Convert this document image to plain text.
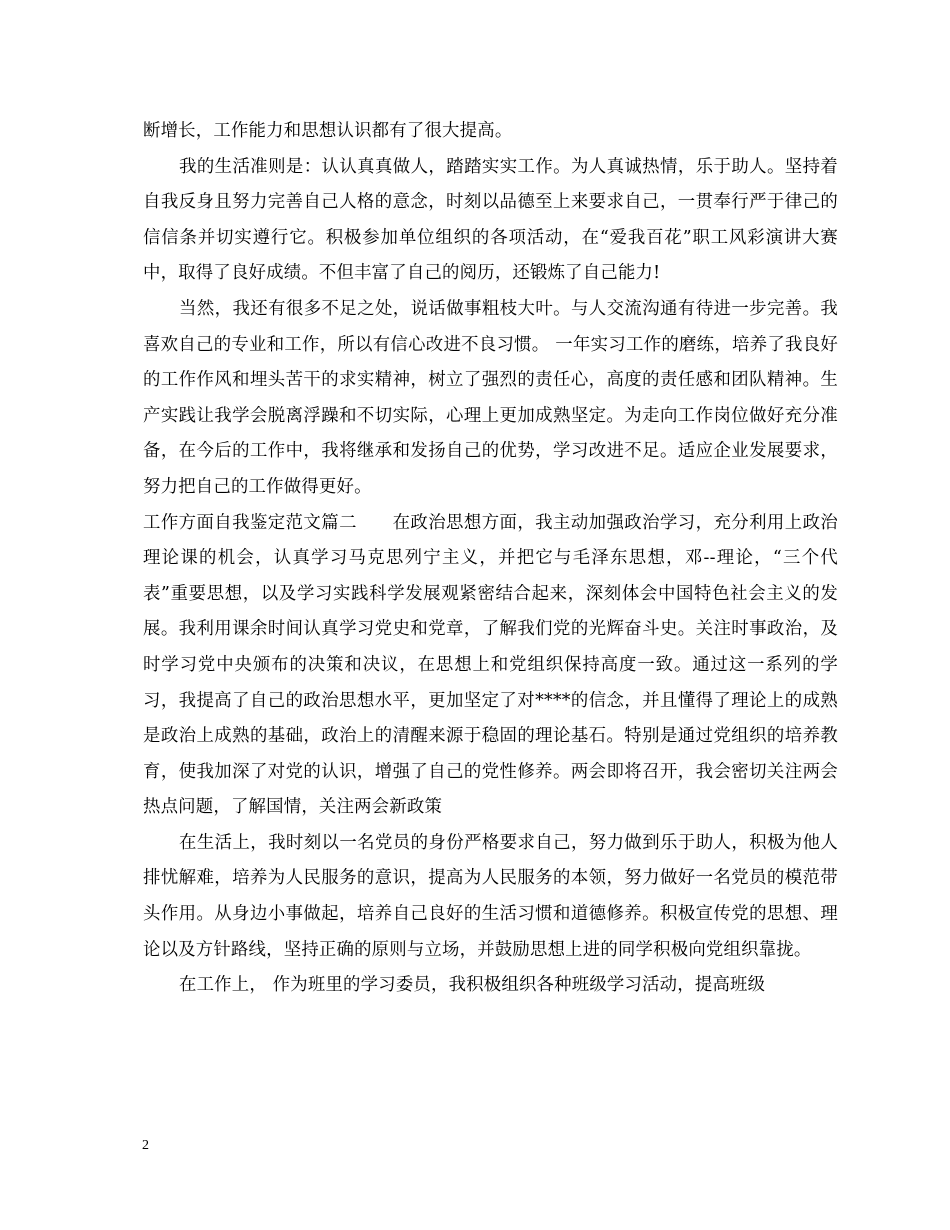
断增长，工作能力和思想认识都有了很大提高。

我的生活准则是：认认真真做人，踏踏实实工作。为人真诚热情，乐于助人。坚持着自我反身且努力完善自己人格的意念，时刻以品德至上来要求自己，一贯奉行严于律己的信信条并切实遵行它。积极参加单位组织的各项活动，在“爱我百花”职工风彩演讲大赛中，取得了良好成绩。不但丰富了自己的阅历，还锻炼了自己能力!

当然，我还有很多不足之处，说话做事粗枝大叶。与人交流沟通有待进一步完善。我喜欢自己的专业和工作，所以有信心改进不良习惯。 一年实习工作的磨练，培养了我良好的工作作风和埋头苦干的求实精神，树立了强烈的责任心，高度的责任感和团队精神。生产实践让我学会脱离浮躁和不切实际，心理上更加成熟坚定。为走向工作岗位做好充分准备，在今后的工作中，我将继承和发扬自己的优势，学习改进不足。适应企业发展要求，努力把自己的工作做得更好。

工作方面自我鉴定范文篇二　　在政治思想方面，我主动加强政治学习，充分利用上政治理论课的机会，认真学习马克思列宁主义，并把它与毛泽东思想，邓--理论，“三个代表”重要思想，以及学习实践科学发展观紧密结合起来，深刻体会中国特色社会主义的发展。我利用课余时间认真学习党史和党章，了解我们党的光辉奋斗史。关注时事政治，及时学习党中央颁布的决策和决议，在思想上和党组织保持高度一致。通过这一系列的学习，我提高了自己的政治思想水平，更加坚定了对****的信念，并且懂得了理论上的成熟是政治上成熟的基础，政治上的清醒来源于稳固的理论基石。特别是通过党组织的培养教育，使我加深了对党的认识，增强了自己的党性修养。两会即将召开，我会密切关注两会热点问题，了解国情，关注两会新政策

在生活上，我时刻以一名党员的身份严格要求自己，努力做到乐于助人，积极为他人排忧解难，培养为人民服务的意识，提高为人民服务的本领，努力做好一名党员的模范带头作用。从身边小事做起，培养自己良好的生活习惯和道德修养。积极宣传党的思想、理论以及方针路线，坚持正确的原则与立场，并鼓励思想上进的同学积极向党组织靠拢。

在工作上， 作为班里的学习委员，我积极组织各种班级学习活动，提高班级

2
